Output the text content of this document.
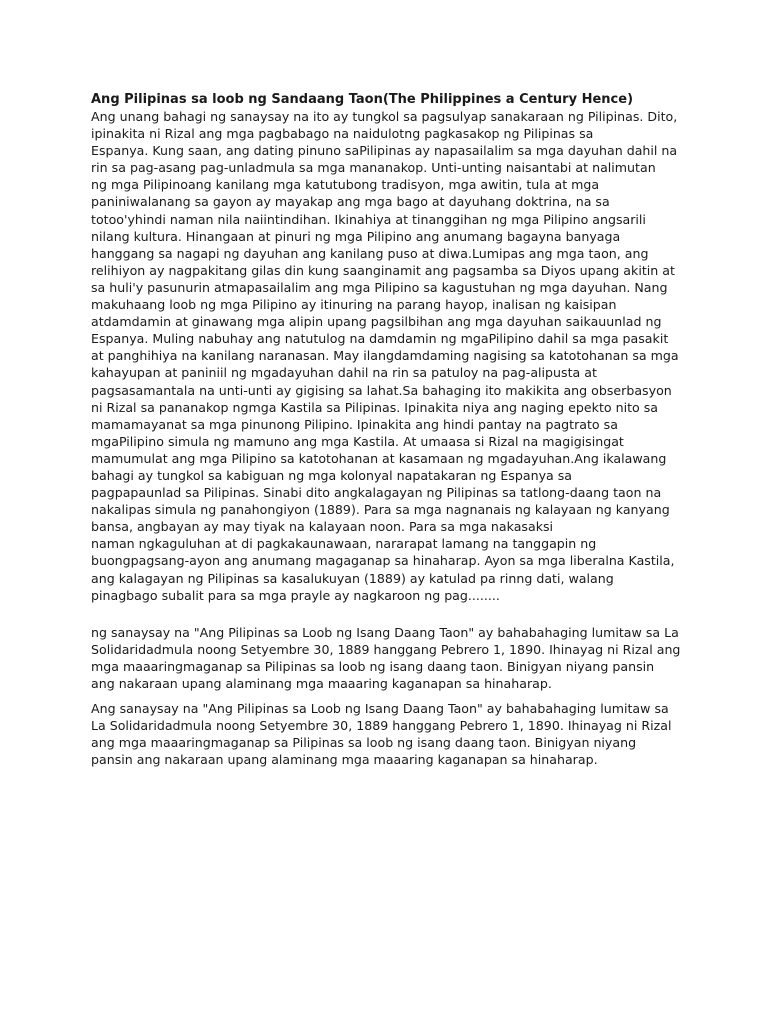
Ang Pilipinas sa loob ng Sandaang Taon(The Philippines a Century Hence)

Ang unang bahagi ng sanaysay na ito ay tungkol sa pagsulyap sanakaraan ng Pilipinas. Dito,
ipinakita ni Rizal ang mga pagbabago na naidulotng pagkasakop ng Pilipinas sa
Espanya. Kung saan, ang dating pinuno saPilipinas ay napasailalim sa mga dayuhan dahil na
rin sa pag-asang pag-unladmula sa mga mananakop. Unti-unting naisantabi at nalimutan
ng mga Pilipinoang kanilang mga katutubong tradisyon, mga awitin, tula at mga
paniniwalanang sa gayon ay mayakap ang mga bago at dayuhang doktrina, na sa
totoo'yhindi naman nila naiintindihan. Ikinahiya at tinanggihan ng mga Pilipino angsarili
nilang kultura. Hinangaan at pinuri ng mga Pilipino ang anumang bagayna banyaga
hanggang sa nagapi ng dayuhan ang kanilang puso at diwa.Lumipas ang mga taon, ang
relihiyon ay nagpakitang gilas din kung saanginamit ang pagsamba sa Diyos upang akitin at
sa huli'y pasunurin atmapasailalim ang mga Pilipino sa kagustuhan ng mga dayuhan. Nang
makuhaang loob ng mga Pilipino ay itinuring na parang hayop, inalisan ng kaisipan
atdamdamin at ginawang mga alipin upang pagsilbihan ang mga dayuhan saikauunlad ng
Espanya. Muling nabuhay ang natutulog na damdamin ng mgaPilipino dahil sa mga pasakit
at panghihiya na kanilang naranasan. May ilangdamdaming nagising sa katotohanan sa mga
kahayupan at paniniil ng mgadayuhan dahil na rin sa patuloy na pag-alipusta at
pagsasamantala na unti-unti ay gigising sa lahat.Sa bahaging ito makikita ang obserbasyon
ni Rizal sa pananakop ngmga Kastila sa Pilipinas. Ipinakita niya ang naging epekto nito sa
mamamayanat sa mga pinunong Pilipino. Ipinakita ang hindi pantay na pagtrato sa
mgaPilipino simula ng mamuno ang mga Kastila. At umaasa si Rizal na magigisingat
mamumulat ang mga Pilipino sa katotohanan at kasamaan ng mgadayuhan.Ang ikalawang
bahagi ay tungkol sa kabiguan ng mga kolonyal napatakaran ng Espanya sa
pagpapaunlad sa Pilipinas. Sinabi dito angkalagayan ng Pilipinas sa tatlong-daang taon na
nakalipas simula ng panahongiyon (1889). Para sa mga nagnanais ng kalayaan ng kanyang
bansa, angbayan ay may tiyak na kalayaan noon. Para sa mga nakasaksi
naman ngkaguluhan at di pagkakaunawaan, nararapat lamang na tanggapin ng
buongpagsang-ayon ang anumang magaganap sa hinaharap. Ayon sa mga liberalna Kastila,
ang kalagayan ng Pilipinas sa kasalukuyan (1889) ay katulad pa rinng dati, walang
pinagbago subalit para sa mga prayle ay nagkaroon ng pag........

ng sanaysay na "Ang Pilipinas sa Loob ng Isang Daang Taon" ay bahabahaging lumitaw sa La
Solidaridadmula noong Setyembre 30, 1889 hanggang Pebrero 1, 1890. Ihinayag ni Rizal ang
mga maaaringmaganap sa Pilipinas sa loob ng isang daang taon. Binigyan niyang pansin
ang nakaraan upang alaminang mga maaaring kaganapan sa hinaharap.

Ang sanaysay na "Ang Pilipinas sa Loob ng Isang Daang Taon" ay bahabahaging lumitaw sa
La Solidaridadmula noong Setyembre 30, 1889 hanggang Pebrero 1, 1890. Ihinayag ni Rizal
ang mga maaaringmaganap sa Pilipinas sa loob ng isang daang taon. Binigyan niyang
pansin ang nakaraan upang alaminang mga maaaring kaganapan sa hinaharap.
